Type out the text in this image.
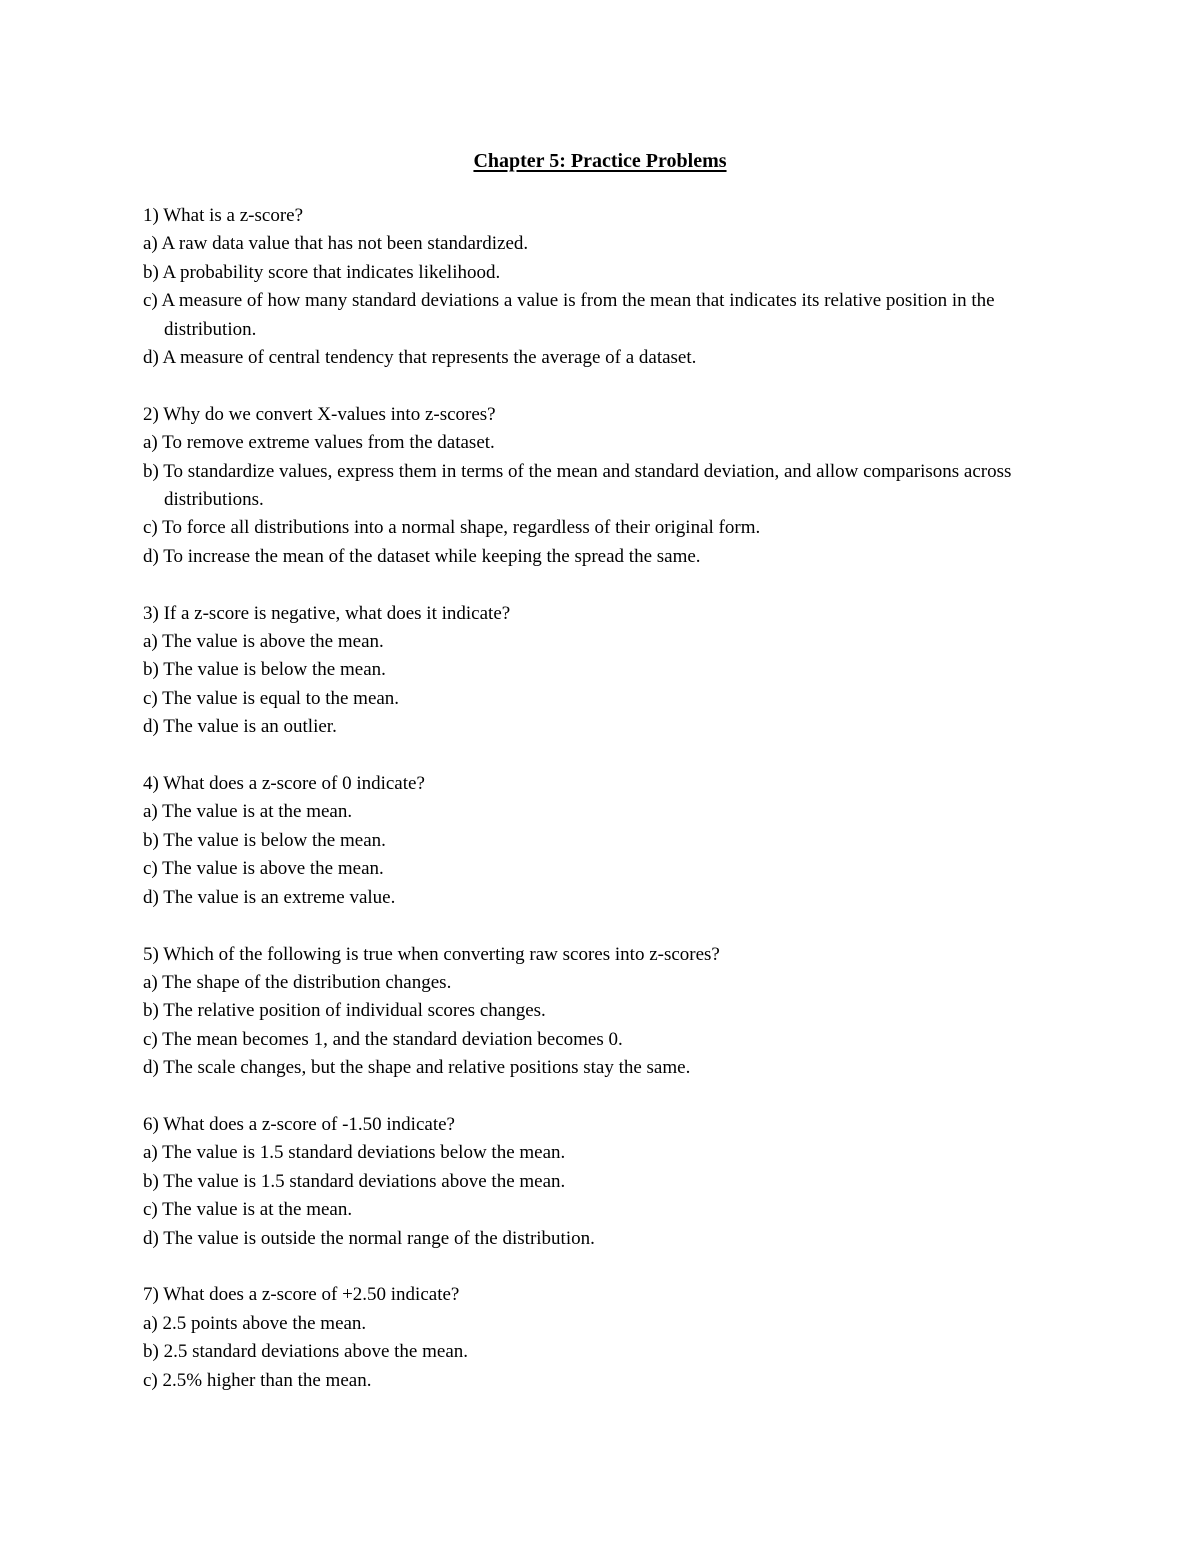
Chapter 5: Practice Problems

1) What is a z-score?

a) A raw data value that has not been standardized.

b) A probability score that indicates likelihood.

c) A measure of how many standard deviations a value is from the mean that indicates its relative position in the distribution.

d) A measure of central tendency that represents the average of a dataset.

2) Why do we convert X-values into z-scores?

a) To remove extreme values from the dataset.

b) To standardize values, express them in terms of the mean and standard deviation, and allow comparisons across distributions.

c) To force all distributions into a normal shape, regardless of their original form.

d) To increase the mean of the dataset while keeping the spread the same.

3) If a z-score is negative, what does it indicate?

a) The value is above the mean.

b) The value is below the mean.

c) The value is equal to the mean.

d) The value is an outlier.

4) What does a z-score of 0 indicate?

a) The value is at the mean.

b) The value is below the mean.

c) The value is above the mean.

d) The value is an extreme value.

5) Which of the following is true when converting raw scores into z-scores?

a) The shape of the distribution changes.

b) The relative position of individual scores changes.

c) The mean becomes 1, and the standard deviation becomes 0.

d) The scale changes, but the shape and relative positions stay the same.

6) What does a z-score of -1.50 indicate?

a) The value is 1.5 standard deviations below the mean.

b) The value is 1.5 standard deviations above the mean.

c) The value is at the mean.

d) The value is outside the normal range of the distribution.

7) What does a z-score of +2.50 indicate?

a) 2.5 points above the mean.

b) 2.5 standard deviations above the mean.

c) 2.5% higher than the mean.
